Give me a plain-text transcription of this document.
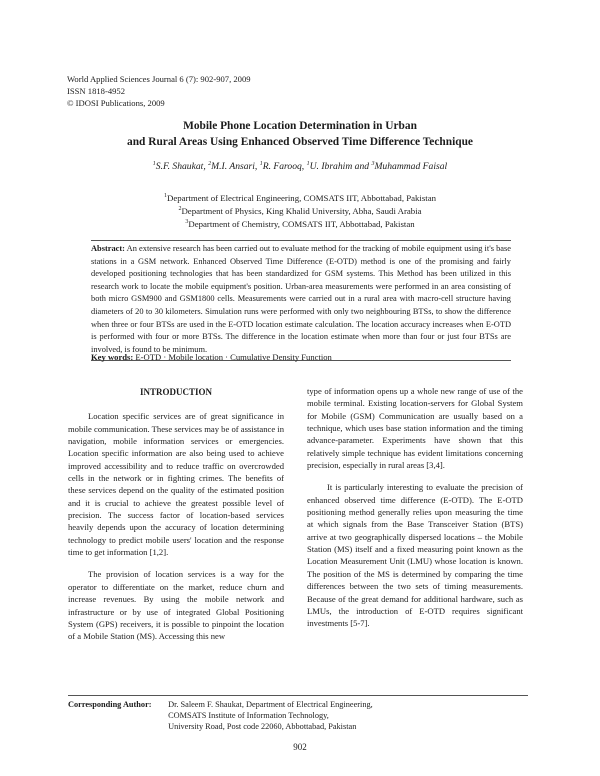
World Applied Sciences Journal 6 (7): 902-907, 2009
ISSN 1818-4952
© IDOSI Publications, 2009
Mobile Phone Location Determination in Urban
and Rural Areas Using Enhanced Observed Time Difference Technique
$^1$S.F. Shaukat, $^2$M.I. Ansari, $^1$R. Farooq, $^1$U. Ibrahim and $^3$Muhammad Faisal
$^1$Department of Electrical Engineering, COMSATS IIT, Abbottabad, Pakistan
$^2$Department of Physics, King Khalid University, Abha, Saudi Arabia
$^3$Department of Chemistry, COMSATS IIT, Abbottabad, Pakistan
Abstract: An extensive research has been carried out to evaluate method for the tracking of mobile equipment using it's base stations in a GSM network. Enhanced Observed Time Difference (E-OTD) method is one of the promising and fairly developed positioning technologies that has been standardized for GSM systems. This Method has been utilized in this research work to locate the mobile equipment's position. Urban-area measurements were performed in an area consisting of both micro GSM900 and GSM1800 cells. Measurements were carried out in a rural area with macro-cell structure having diameters of 20 to 30 kilometers. Simulation runs were performed with only two neighbouring BTSs, to show the difference when three or four BTSs are used in the E-OTD location estimate calculation. The location accuracy increases when E-OTD is performed with four or more BTSs. The difference in the location estimate when more than four or just four BTSs are involved, is found to be minimum.
Key words: E-OTD · Mobile location · Cumulative Density Function
INTRODUCTION

Location specific services are of great significance in mobile communication. These services may be of assistance in navigation, mobile information services or emergencies. Location specific information are also being used to achieve improved accessibility and to reduce traffic on overcrowded cells in the network or in fighting crimes. The benefits of these services depend on the quality of the estimated position and it is crucial to achieve the greatest possible level of precision. The success factor of location-based services heavily depends upon the accuracy of location determining technology to predict mobile users' location and the response time to get information [1,2].

The provision of location services is a way for the operator to differentiate on the market, reduce churn and increase revenues. By using the mobile network and infrastructure or by use of integrated Global Positioning System (GPS) receivers, it is possible to pinpoint the location of a Mobile Station (MS). Accessing this new

type of information opens up a whole new range of use of the mobile terminal. Existing location-servers for Global System for Mobile (GSM) Communication are usually based on a technique, which uses base station information and the timing advance-parameter. Experiments have shown that this relatively simple technique has evident limitations concerning precision, especially in rural areas [3,4].

It is particularly interesting to evaluate the precision of enhanced observed time difference (E-OTD). The E-OTD positioning method generally relies upon measuring the time at which signals from the Base Transceiver Station (BTS) arrive at two geographically dispersed locations – the Mobile Station (MS) itself and a fixed measuring point known as the Location Measurement Unit (LMU) whose location is known. The position of the MS is determined by comparing the time differences between the two sets of timing measurements. Because of the great demand for additional hardware, such as LMUs, the introduction of E-OTD requires significant investments [5-7].

Corresponding Author: Dr. Saleem F. Shaukat, Department of Electrical Engineering,
COMSATS Institute of Information Technology,
University Road, Post code 22060, Abbottabad, Pakistan
902
